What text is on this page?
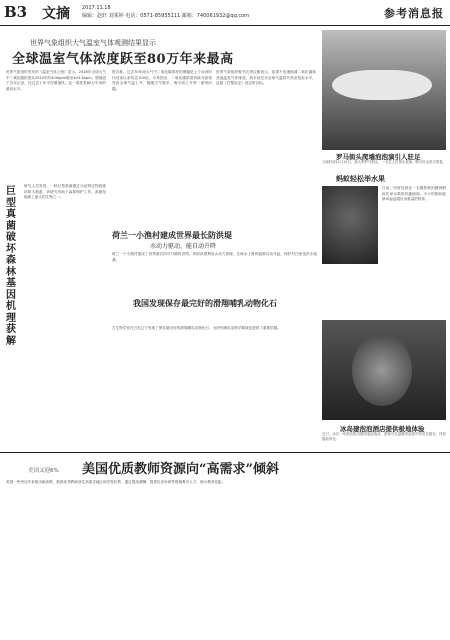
B3 文摘 2017.11.18
编辑：赵轩 刘莱婷 电话：0571-85935111 邮箱：740061932@qq.com	参考消息报
世界气象组织大气温室气体观测结果显示
全球温室气体浓度跃至80万年来最高
世界气象组织发布的《温室气体公报》显示，2016年全球大气中二氧化碳浓度从2015年的400ppm增至403.3ppm，增速创下近年记录，比过去十年平均增速快。这一浓度是80万年来的最高水平。
报告称，过去70年间大气中二氧化碳浓度的增幅是上个冰河时代结束以来的近100倍。专家指出，二氧化碳浓度持续升高将导致全球气温上升、极端天气增多、海平面上升等一系列问题。
世界气象组织秘书长塔拉斯表示，如果不迅速削减二氧化碳和其他温室气体排放，到本世纪末全球气温将升高至危险水平，远超《巴黎协定》设定的目标。
罗马街头爬墙泡泡演引人驻足
当地时间11月14日，意大利罗马街头，一名艺人在街头表演，吸引民众驻足观看。
蚂蚁轻松举水果
日前，印度尼西亚一名摄影师拍摄到蚂蚁托举水果的有趣画面。小小的蚂蚁能够举起远超自身重量的物体。
巨型真菌破坏森林基因机理获解
研究人员发现，一种巨型真菌通过分泌特定物质破坏树木根系，该研究有助于森林保护工作。真菌是地球上最大的生物之一。
荷兰一小渔村建成世界最长防洪堤
水动力驱动，能自动升降
荷兰一个小渔村建成了世界最长的可升降防洪堤，该防洪堤利用水动力原理，在海水上涨时能够自动升起，保护村庄免受洪水侵袭。
我国发现保存最完好的滑翔哺乳动物化石
古生物学家近日在辽宁发现了保存最完好的滑翔哺乳动物化石，为研究哺乳动物早期演化提供了重要依据。
冰岛建泡泡酒店提供极地体验
近日，冰岛一家酒店推出透明泡泡客房，游客可在温暖的泡泡中欣赏北极光，体验极地风光。
美国又迎6% 美国优质教师资源向“高需求”倾斜
美国一些州近年来推出新政策，鼓励优秀教师前往高需求地区和学校任教，通过提高薪酬、提供住房补贴等措施吸引人才，缩小教育差距。
